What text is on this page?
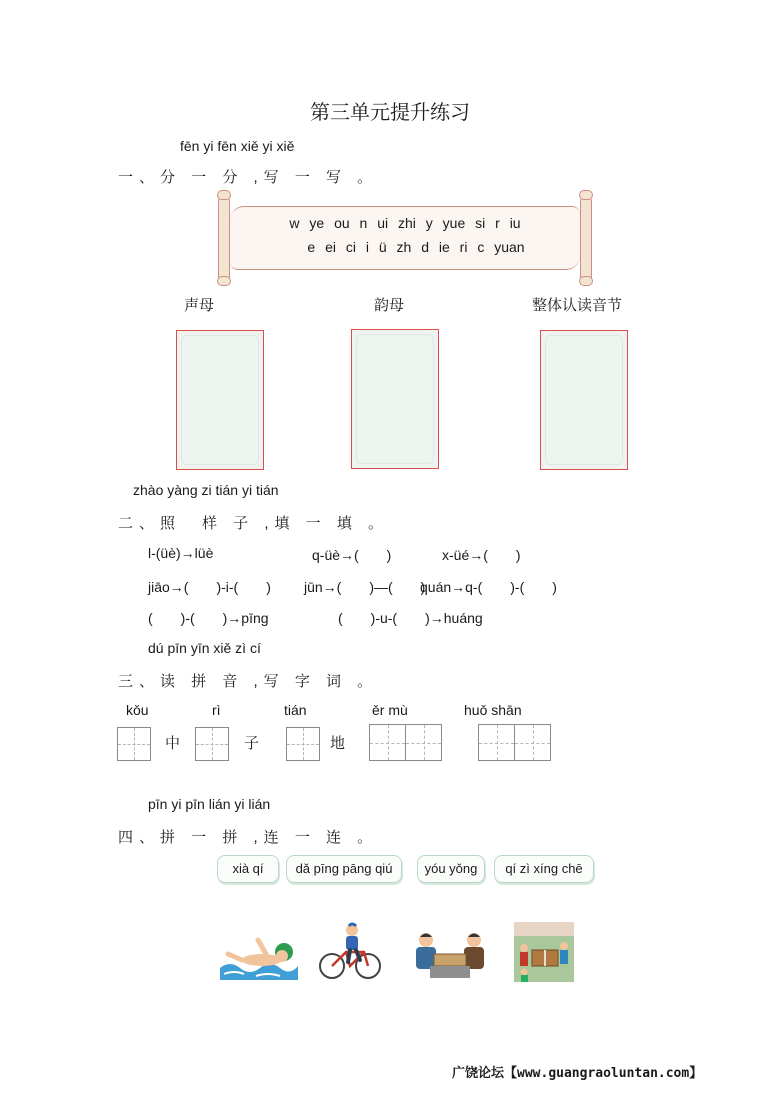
第三单元提升练习
fēn yi fēn xiě yi xiě
一、分 一 分 ,写 一 写 。
w ye ou n ui zhi y yue si r iu
e ei ci i ü zh d ie ri c yuan
声母	韵母	整体认读音节
zhào yàng zi tián yi tián
二、照　样 子 ,填 一 填 。
l-(üè)→lüè	q-üè→(　　)	x-üé→(　　)
jiāo→(　　)-i-(　　) jūn→(　　)—(　　)
quán→q-(　　)-(　　)
(　　)-(　　)→pīng	(　　)-u-(　　)→huáng
dú pīn yīn xiě zì cí
三、读 拼 音 ,写 字 词 。
kǒu	rì	tián	ěr mù	huǒ shān
中	子	地
pīn yi pīn lián yi lián
四、拼 一 拼 ,连 一 连 。
xià qí	dǎ pīng pāng qiú	yóu yǒng	qí zì xíng chē
广饶论坛【www.guangraoluntan.com】
